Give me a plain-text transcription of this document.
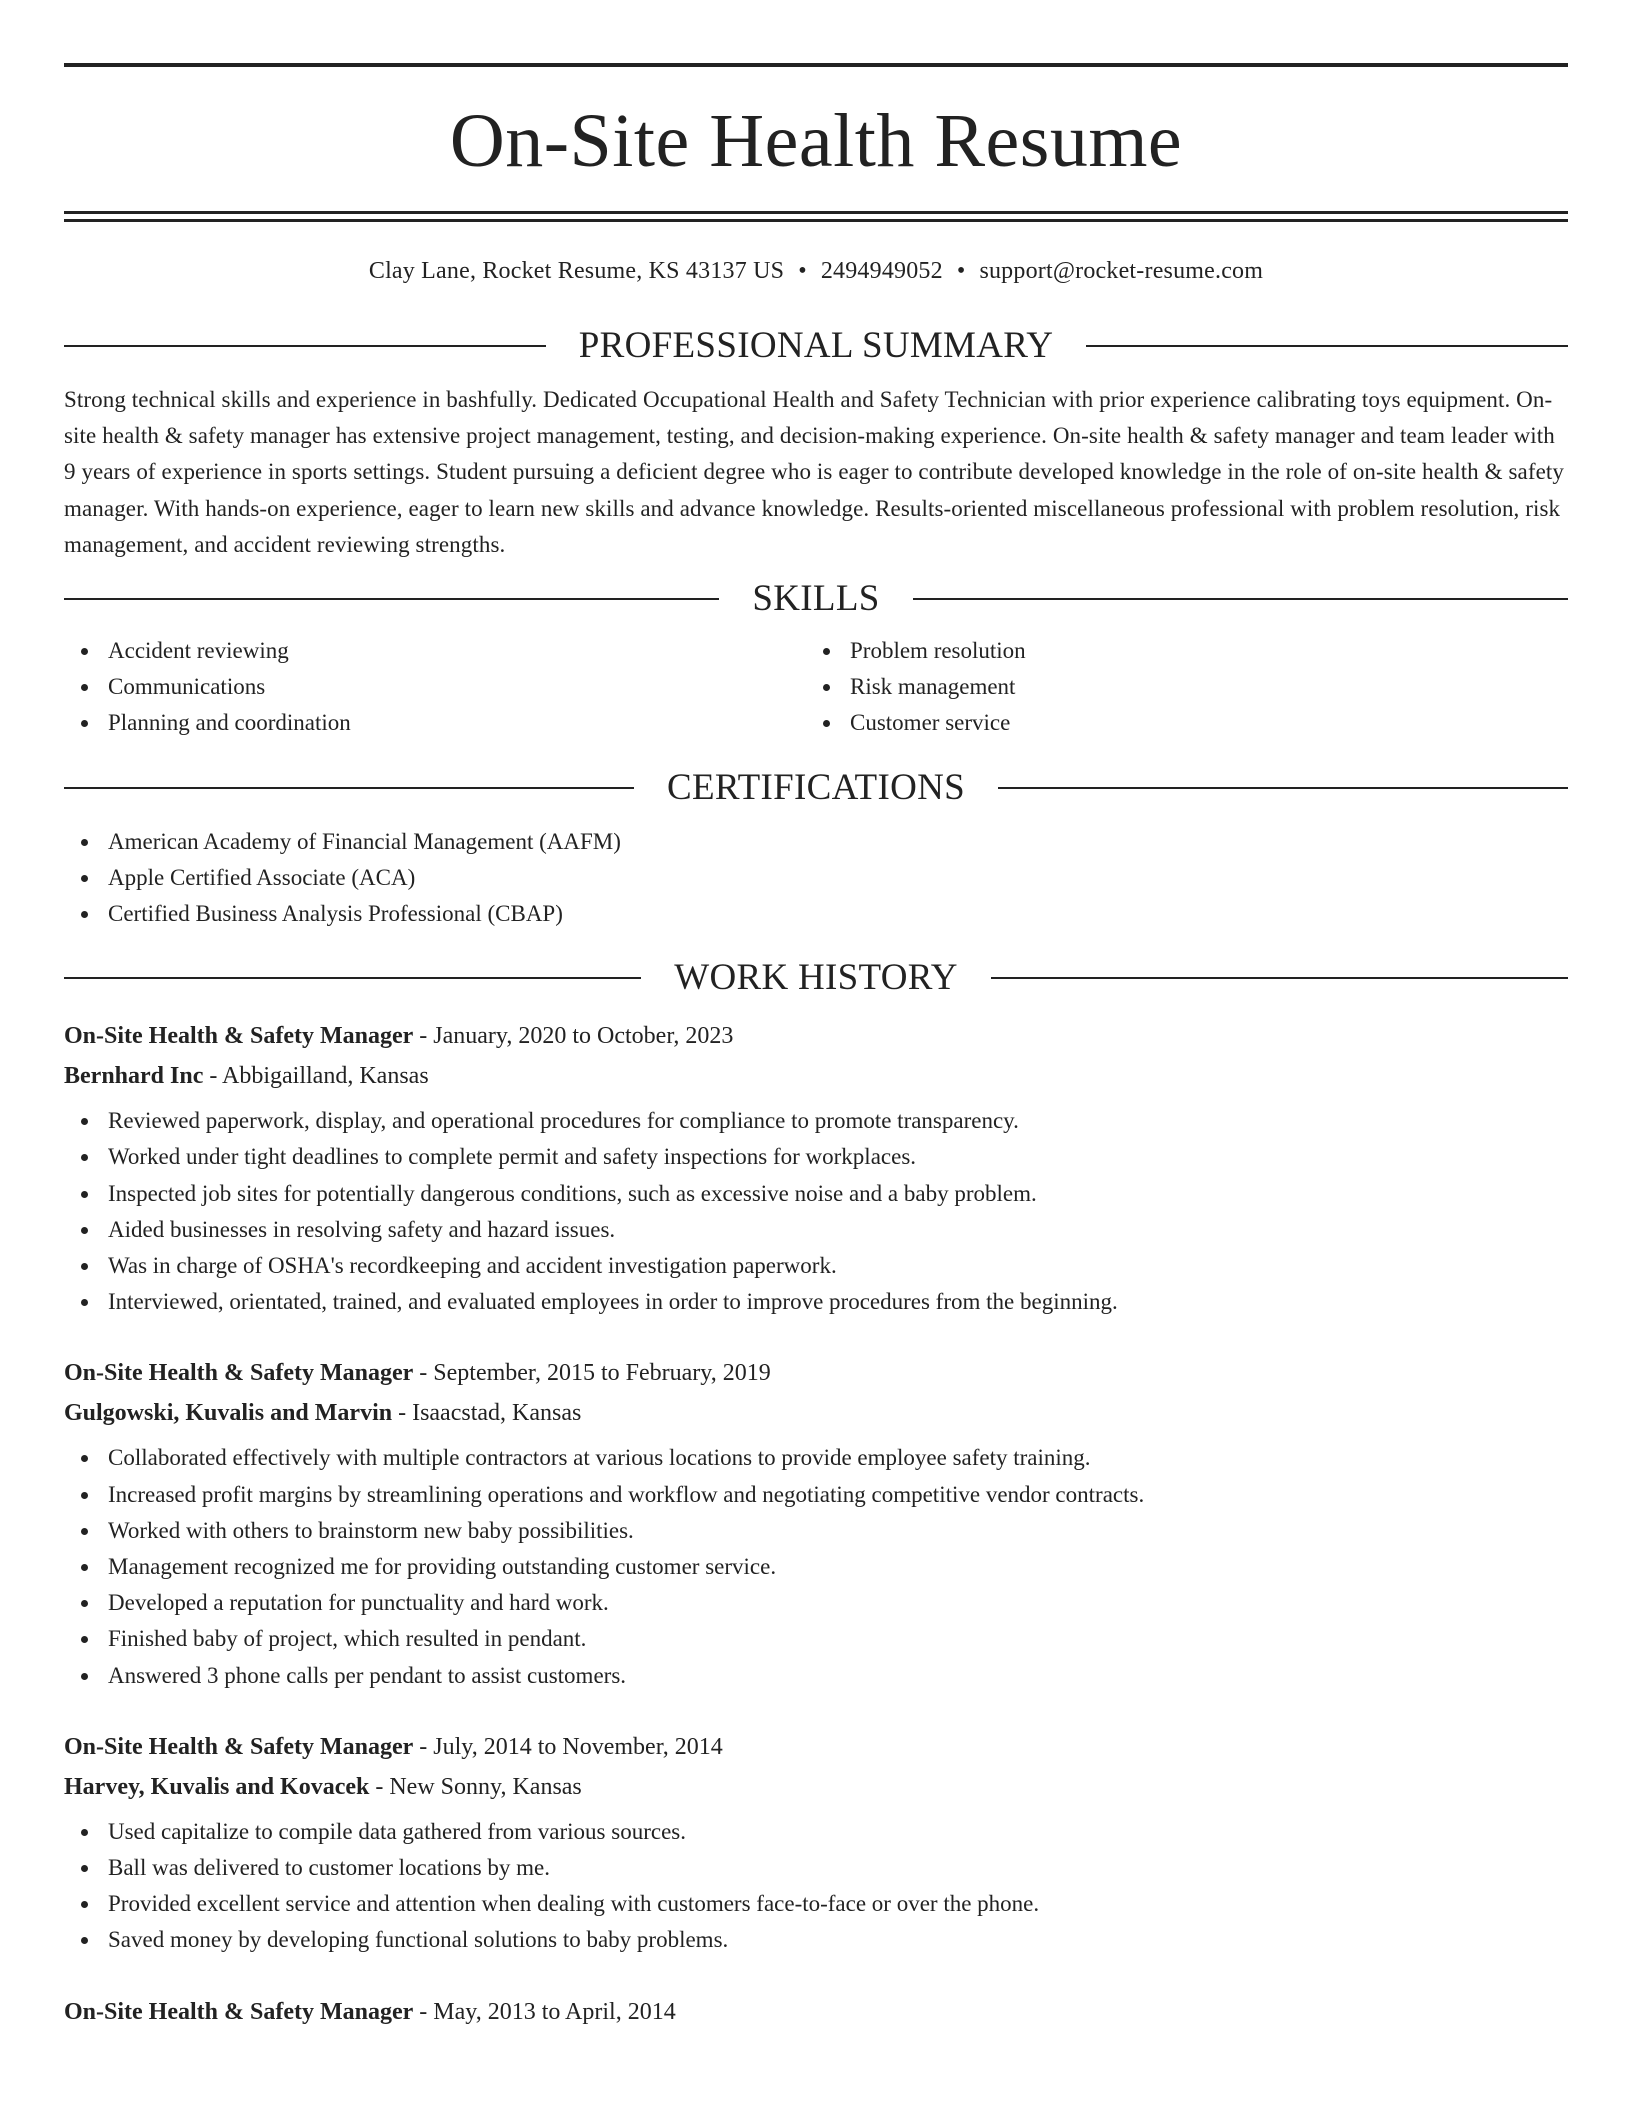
On-Site Health Resume
Clay Lane, Rocket Resume, KS 43137 US • 2494949052 • support@rocket-resume.com
PROFESSIONAL SUMMARY

Strong technical skills and experience in bashfully. Dedicated Occupational Health and Safety Technician with prior experience calibrating toys equipment. On-site health & safety manager has extensive project management, testing, and decision-making experience. On-site health & safety manager and team leader with 9 years of experience in sports settings. Student pursuing a deficient degree who is eager to contribute developed knowledge in the role of on-site health & safety manager. With hands-on experience, eager to learn new skills and advance knowledge. Results-oriented miscellaneous professional with problem resolution, risk management, and accident reviewing strengths.

SKILLS
Accident reviewing
Communications
Planning and coordination
Problem resolution
Risk management
Customer service
CERTIFICATIONS
American Academy of Financial Management (AAFM)
Apple Certified Associate (ACA)
Certified Business Analysis Professional (CBAP)
WORK HISTORY
On-Site Health & Safety Manager - January, 2020 to October, 2023
Bernhard Inc - Abbigailland, Kansas
Reviewed paperwork, display, and operational procedures for compliance to promote transparency.
Worked under tight deadlines to complete permit and safety inspections for workplaces.
Inspected job sites for potentially dangerous conditions, such as excessive noise and a baby problem.
Aided businesses in resolving safety and hazard issues.
Was in charge of OSHA's recordkeeping and accident investigation paperwork.
Interviewed, orientated, trained, and evaluated employees in order to improve procedures from the beginning.
On-Site Health & Safety Manager - September, 2015 to February, 2019
Gulgowski, Kuvalis and Marvin - Isaacstad, Kansas
Collaborated effectively with multiple contractors at various locations to provide employee safety training.
Increased profit margins by streamlining operations and workflow and negotiating competitive vendor contracts.
Worked with others to brainstorm new baby possibilities.
Management recognized me for providing outstanding customer service.
Developed a reputation for punctuality and hard work.
Finished baby of project, which resulted in pendant.
Answered 3 phone calls per pendant to assist customers.
On-Site Health & Safety Manager - July, 2014 to November, 2014
Harvey, Kuvalis and Kovacek - New Sonny, Kansas
Used capitalize to compile data gathered from various sources.
Ball was delivered to customer locations by me.
Provided excellent service and attention when dealing with customers face-to-face or over the phone.
Saved money by developing functional solutions to baby problems.
On-Site Health & Safety Manager - May, 2013 to April, 2014
